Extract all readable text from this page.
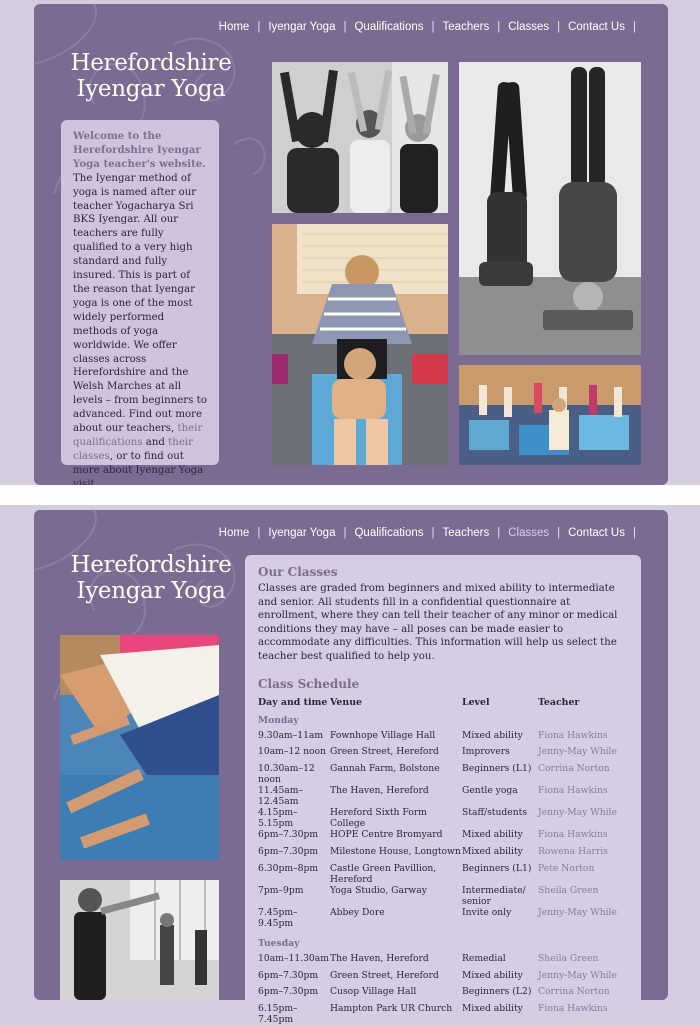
Home | Iyengar Yoga | Qualifications | Teachers | Classes | Contact Us |
Herefordshire
Iyengar Yoga
Welcome to the Herefordshire Iyengar Yoga teacher's website. The Iyengar method of yoga is named after our teacher Yogacharya Sri BKS Iyengar. All our teachers are fully qualified to a very high standard and fully insured. This is part of the reason that Iyengar yoga is one of the most widely performed methods of yoga worldwide. We offer classes across Herefordshire and the Welsh Marches at all levels – from beginners to advanced. Find out more about our teachers, their qualifications and their classes, or to find out more about Iyengar Yoga
Home | Iyengar Yoga | Qualifications | Teachers | Classes | Contact Us |
Herefordshire
Iyengar Yoga
Our Classes

Classes are graded from beginners and mixed ability to intermediate and senior. All students fill in a confidential questionnaire at enrollment, where they can tell their teacher of any minor or medical conditions they may have – all poses can be made easier to accommodate any difficulties. This information will help us select the teacher best qualified to help you.

Class Schedule
Day and time	Venue	Level	Teacher
Monday			
9.30am–11am	Fownhope Village Hall	Mixed ability	Fiona Hawkins
10am–12 noon	Green Street, Hereford	Improvers	Jenny-May While
10.30am–12 noon	Gannah Farm, Bolstone	Beginners (L1)	Corrina Norton
11.45am–12.45am	The Haven, Hereford	Gentle yoga	Fiona Hawkins
4.15pm–5.15pm	Hereford Sixth Form College	Staff/students	Jenny-May While
6pm–7.30pm	HOPE Centre Bromyard	Mixed ability	Fiona Hawkins
6pm–7.30pm	Milestone House, Longtown	Mixed ability	Rowena Harris
6.30pm–8pm	Castle Green Pavillion, Hereford	Beginners (L1)	Pete Norton
7pm–9pm	Yoga Studio, Garway	Intermediate/ senior	Sheila Green
7.45pm–9.45pm	Abbey Dore	Invite only	Jenny-May While

Tuesday			
10am–11.30am	The Haven, Hereford	Remedial	Sheila Green
6pm–7.30pm	Green Street, Hereford	Mixed ability	Jenny-May While
6pm–7.30pm	Cusop Village Hall	Beginners (L2)	Corrina Norton
6.15pm–7.45pm	Hampton Park UR Church	Mixed ability	Fiona Hawkins
